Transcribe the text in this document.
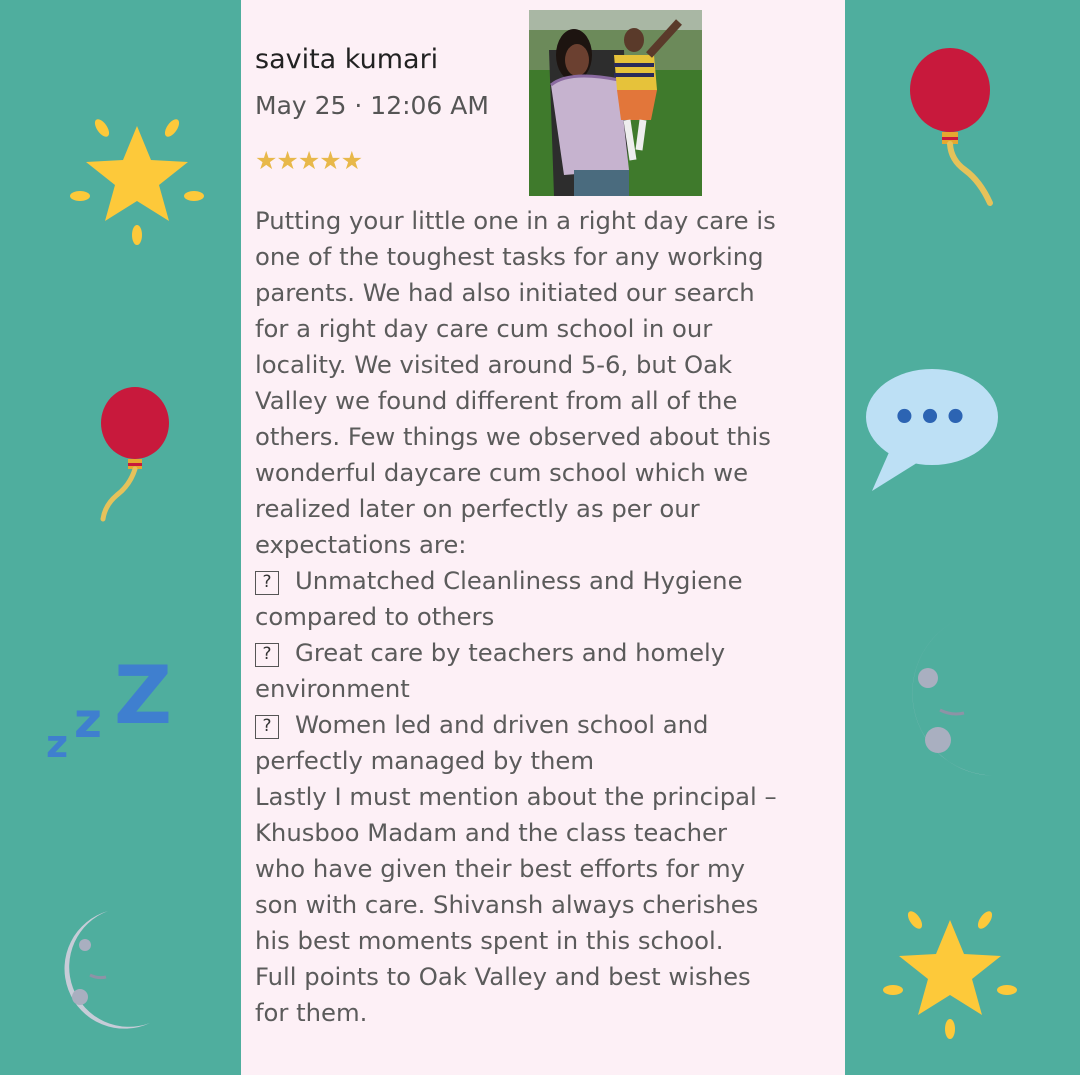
savita kumari
May 25 · 12:06 AM
★★★★★
Putting your little one in a right day care is
one of the toughest tasks for any working
parents. We had also initiated our search
for a right day care cum school in our
locality. We visited around 5-6, but Oak
Valley we found different from all of the
others. Few things we observed about this
wonderful daycare cum school which we
realized later on perfectly as per our
expectations are:
? Unmatched Cleanliness and Hygiene
compared to others
? Great care by teachers and homely
environment
? Women led and driven school and
perfectly managed by them
Lastly I must mention about the principal –
Khusboo Madam and the class teacher
who have given their best efforts for my
son with care. Shivansh always cherishes
his best moments spent in this school.
Full points to Oak Valley and best wishes
for them.
z z Z
•••
